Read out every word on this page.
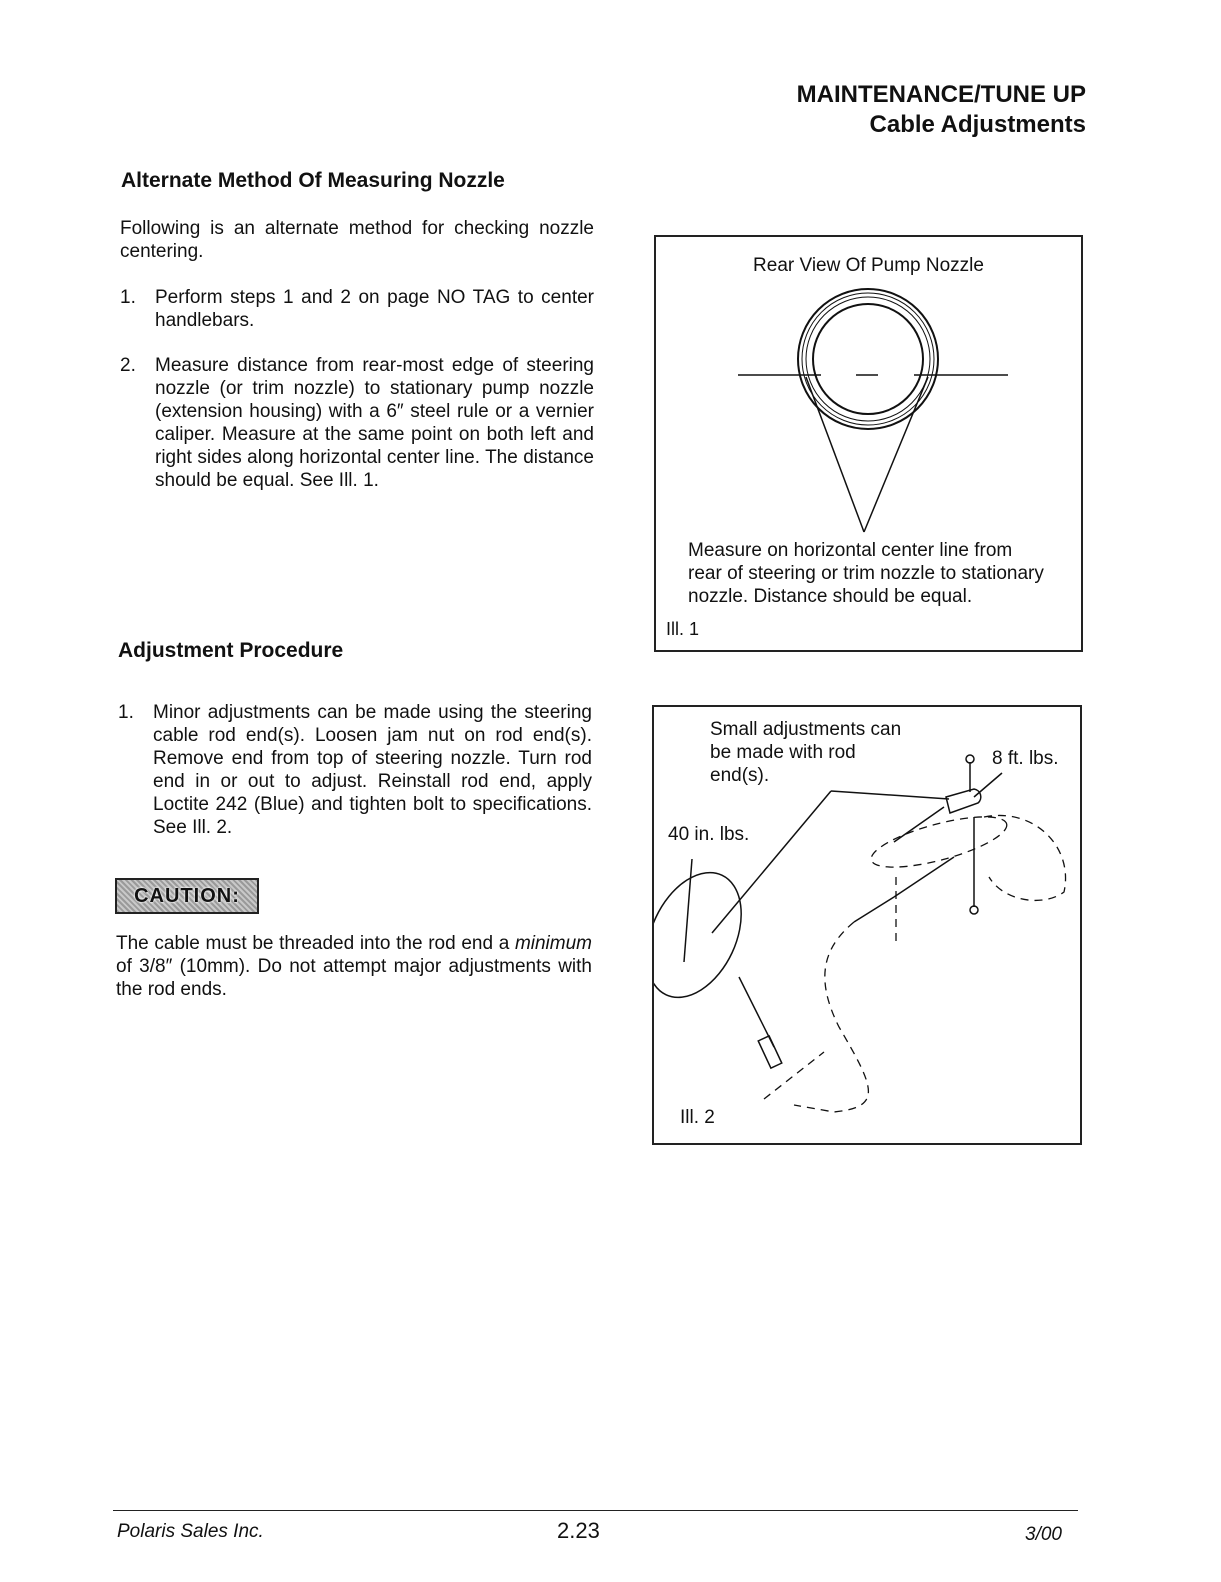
MAINTENANCE/TUNE UP
Cable Adjustments
Alternate Method Of Measuring Nozzle
Following is an alternate method for checking nozzle centering.
1.	Perform steps 1 and 2 on page NO TAG to center handlebars.
2.	Measure distance from rear-most edge of steering nozzle (or trim nozzle) to stationary pump nozzle (extension housing) with a 6″ steel rule or a vernier caliper. Measure at the same point on both left and right sides along horizontal center line. The distance should be equal. See Ill. 1.
Adjustment Procedure
1.	Minor adjustments can be made using the steering cable rod end(s). Loosen jam nut on rod end(s). Remove end from top of steering nozzle. Turn rod end in or out to adjust. Reinstall rod end, apply Loctite 242 (Blue) and tighten bolt to specifications. See Ill. 2.
CAUTION:
The cable must be threaded into the rod end a minimum of 3/8″ (10mm). Do not attempt major adjustments with the rod ends.
Rear View Of Pump Nozzle
Measure on horizontal center line from rear of steering or trim nozzle to stationary nozzle. Distance should be equal.
Ill. 1
Small adjustments can be made with rod end(s).
8 ft. lbs.
40 in. lbs.
Ill. 2
Polaris Sales Inc.	2.23	3/00
